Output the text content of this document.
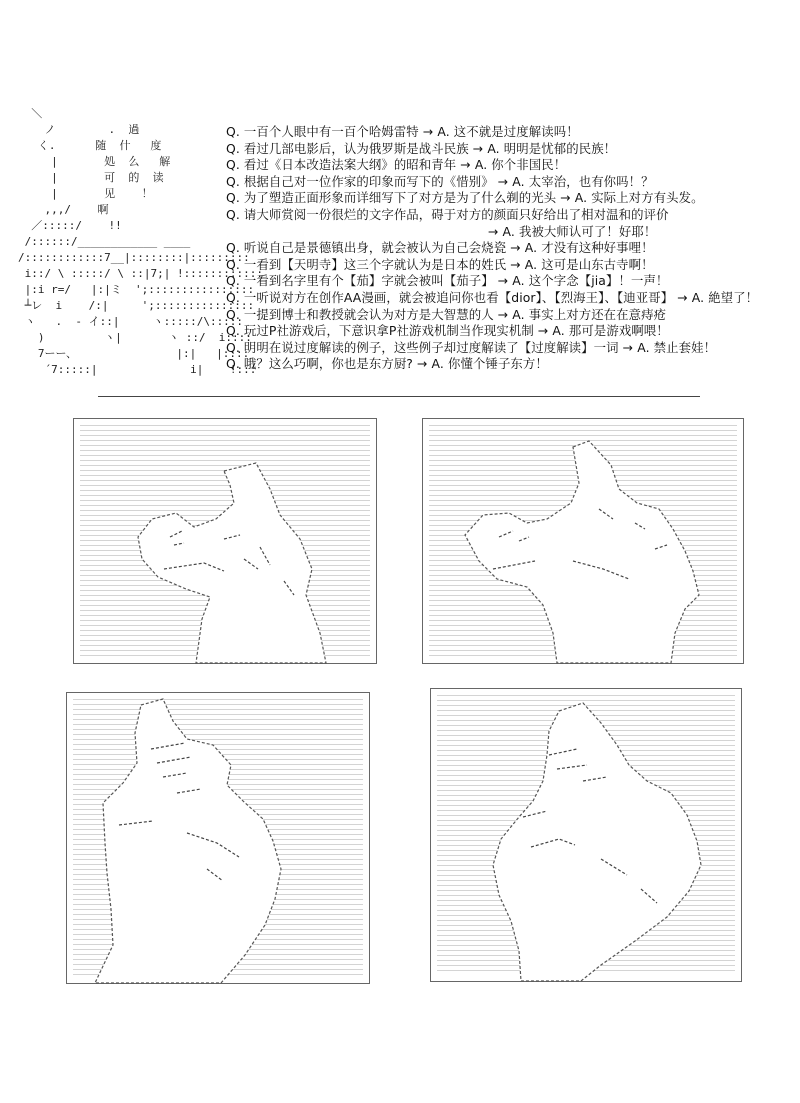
＼
ノ        .  過
く.      随  什   度
|       処  么   解
|       可  的  读
|       见    ！
,,,/    啊
／:::::/    !!
/::::::/____________ ____
/::::::::::::7__|::::::::|:::::::::
i::/ \ :::::/ \ ::|7;| !::::::::::::
|:i r=/   |:|ミ  ';::::::::::::::::
┴レ  i    /:|     ';:::::::::::::::
ヽ   .  - イ::|     ヽ:::::/\:::::
)         ヽ|       ヽ ::/  i::::
7ーー、               |:|   |::::
´7:::::|              i|    !:::
Q. 一百个人眼中有一百个哈姆雷特 → A. 这不就是过度解读吗！
Q. 看过几部电影后，认为俄罗斯是战斗民族 → A. 明明是忧郁的民族！
Q. 看过《日本改造法案大纲》的昭和青年 → A. 你个非国民！
Q. 根据自己对一位作家的印象而写下的《惜别》 → A. 太宰治，也有你吗！？
Q. 为了塑造正面形象而详细写下了对方是为了什么剃的光头 → A. 实际上对方有头发。
Q. 请大师赏阅一份很烂的文字作品，碍于对方的颜面只好给出了相对温和的评价
→ A. 我被大师认可了！好耶！
Q. 听说自己是景德镇出身，就会被认为自己会烧瓷 → A. 才没有这种好事哩！
Q. 一看到【天明寺】这三个字就认为是日本的姓氏 → A. 这可是山东古寺啊！
Q. 一看到名字里有个【茄】字就会被叫【茄子】 → A. 这个字念【jia】！一声！
Q. 一听说对方在创作AA漫画，就会被追问你也看【dior】、【烈海王】、【迪亚哥】 → A. 絶望了！
Q. 一提到博士和教授就会认为对方是大智慧的人 → A. 事实上对方还在在意痔疮
Q. 玩过P社游戏后，下意识拿P社游戏机制当作现实机制 → A. 那可是游戏啊喂！
Q. 明明在说过度解读的例子，这些例子却过度解读了【过度解读】一词 → A. 禁止套娃！
Q. 哦？这么巧啊，你也是东方厨? → A. 你懂个锤子东方！
